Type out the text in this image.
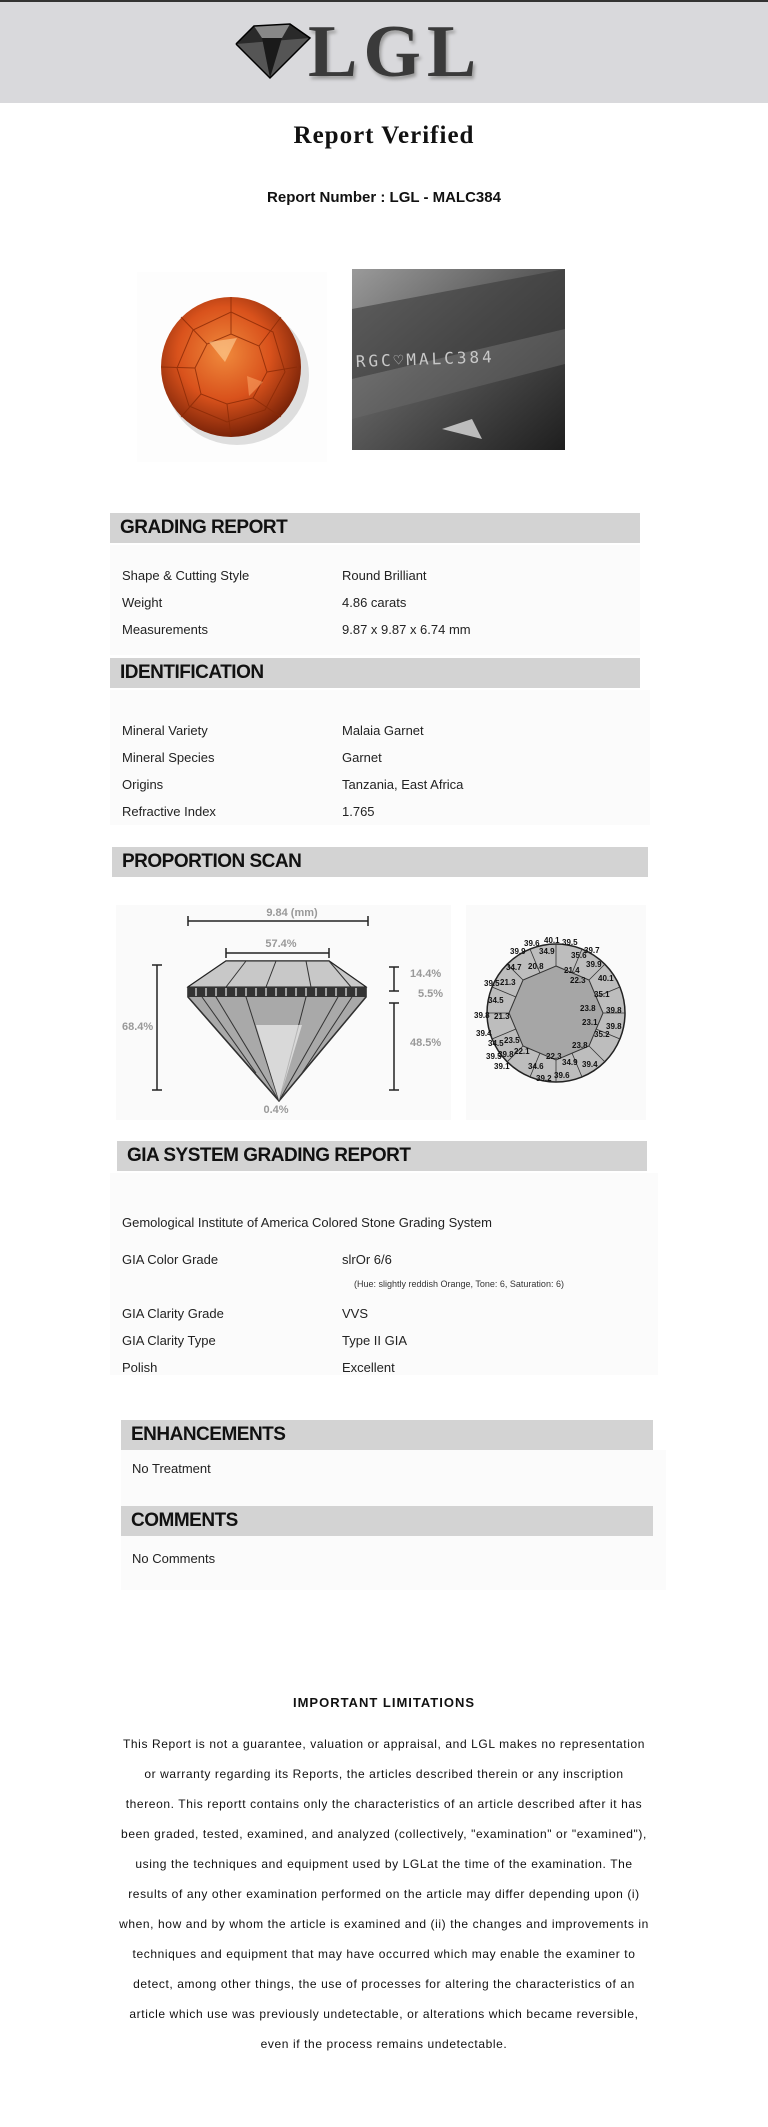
LGL
Report Verified
Report Number : LGL - MALC384
RGC♡MALC384
GRADING REPORT
Shape & Cutting Style	Round Brilliant
Weight	4.86 carats
Measurements	9.87 x 9.87 x 6.74 mm
IDENTIFICATION
Mineral Variety	Malaia Garnet
Mineral Species	Garnet
Origins	Tanzania, East Africa
Refractive Index	1.765
PROPORTION SCAN
9.84 (mm)
57.4%
68.4%
14.4%
5.5%
48.5%
0.4%
39.6 40.1 39.5
39.9 34.9 35.6
39.7
34.7 20.8
21.3
21.4
39.9
39.5
34.5
22.3 40.1
35.1
21.3
23.8 39.8
39.8
23.1
39.4	35.2
23.5
39.8
34.5	23.8
22.1
39.5
34.9
39.8	22.3
39.4
34.6
39.1
39.6
39.2
GIA SYSTEM GRADING REPORT
Gemological Institute of America Colored Stone Grading System
GIA Color Grade	slrOr 6/6
(Hue: slightly reddish Orange, Tone: 6, Saturation: 6)
GIA Clarity Grade	VVS
GIA Clarity Type	Type II GIA
Polish	Excellent
ENHANCEMENTS
No Treatment
COMMENTS
No Comments
IMPORTANT LIMITATIONS
This Report is not a guarantee, valuation or appraisal, and LGL makes no representation or warranty regarding its Reports, the articles described therein or any inscription thereon. This reportt contains only the characteristics of an article described after it has been graded, tested, examined, and analyzed (collectively, "examination" or "examined"), using the techniques and equipment used by LGLat the time of the examination. The results of any other examination performed on the article may differ depending upon (i) when, how and by whom the article is examined and (ii) the changes and improvements in techniques and equipment that may have occurred which may enable the examiner to detect, among other things, the use of processes for altering the characteristics of an article which use was previously undetectable, or alterations which became reversible, even if the process remains undetectable.
